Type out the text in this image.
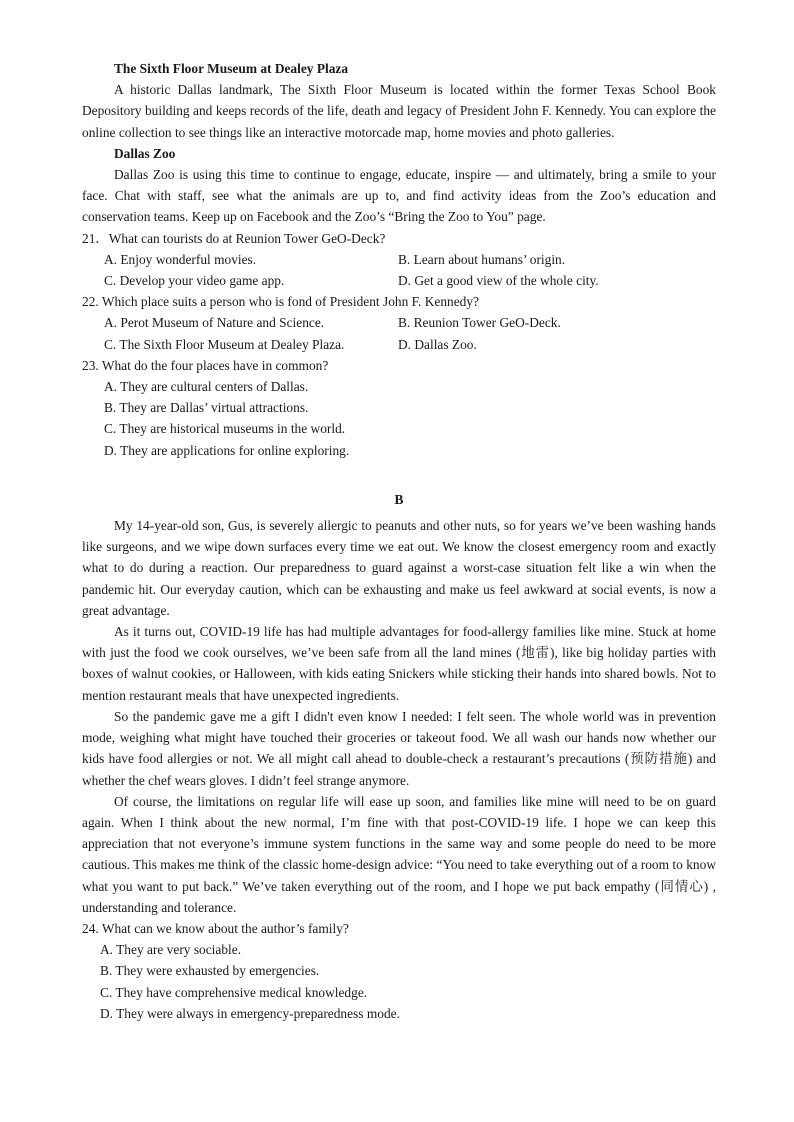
The Sixth Floor Museum at Dealey Plaza

A historic Dallas landmark, The Sixth Floor Museum is located within the former Texas School Book Depository building and keeps records of the life, death and legacy of President John F. Kennedy. You can explore the online collection to see things like an interactive motorcade map, home movies and photo galleries.

Dallas Zoo

Dallas Zoo is using this time to continue to engage, educate, inspire — and ultimately, bring a smile to your face. Chat with staff, see what the animals are up to, and find activity ideas from the Zoo’s education and conservation teams. Keep up on Facebook and the Zoo’s “Bring the Zoo to You” page.

21．What can tourists do at Reunion Tower GeO-Deck?

A. Enjoy wonderful movies.	B. Learn about humans’ origin.

C. Develop your video game app.	D. Get a good view of the whole city.

22. Which place suits a person who is fond of President John F. Kennedy?

A. Perot Museum of Nature and Science.	B. Reunion Tower GeO-Deck.

C. The Sixth Floor Museum at Dealey Plaza.	D. Dallas Zoo.

23. What do the four places have in common?

A. They are cultural centers of Dallas.

B. They are Dallas’ virtual attractions.

C. They are historical museums in the world.

D. They are applications for online exploring.

B

My 14-year-old son, Gus, is severely allergic to peanuts and other nuts, so for years we’ve been washing hands like surgeons, and we wipe down surfaces every time we eat out. We know the closest emergency room and exactly what to do during a reaction. Our preparedness to guard against a worst-case situation felt like a win when the pandemic hit. Our everyday caution, which can be exhausting and make us feel awkward at social events, is now a great advantage.

As it turns out, COVID-19 life has had multiple advantages for food-allergy families like mine. Stuck at home with just the food we cook ourselves, we’ve been safe from all the land mines (地雷), like big holiday parties with boxes of walnut cookies, or Halloween, with kids eating Snickers while sticking their hands into shared bowls. Not to mention restaurant meals that have unexpected ingredients.

So the pandemic gave me a gift I didn't even know I needed: I felt seen. The whole world was in prevention mode, weighing what might have touched their groceries or takeout food. We all wash our hands now whether our kids have food allergies or not. We all might call ahead to double-check a restaurant’s precautions (预防措施) and whether the chef wears gloves. I didn’t feel strange anymore.

Of course, the limitations on regular life will ease up soon, and families like mine will need to be on guard again. When I think about the new normal, I’m fine with that post-COVID-19 life. I hope we can keep this appreciation that not everyone’s immune system functions in the same way and some people do need to be more cautious. This makes me think of the classic home-design advice: “You need to take everything out of a room to know what you want to put back.” We’ve taken everything out of the room, and I hope we put back empathy (同情心) , understanding and tolerance.

24. What can we know about the author’s family?

A. They are very sociable.

B. They were exhausted by emergencies.

C. They have comprehensive medical knowledge.

D. They were always in emergency-preparedness mode.
